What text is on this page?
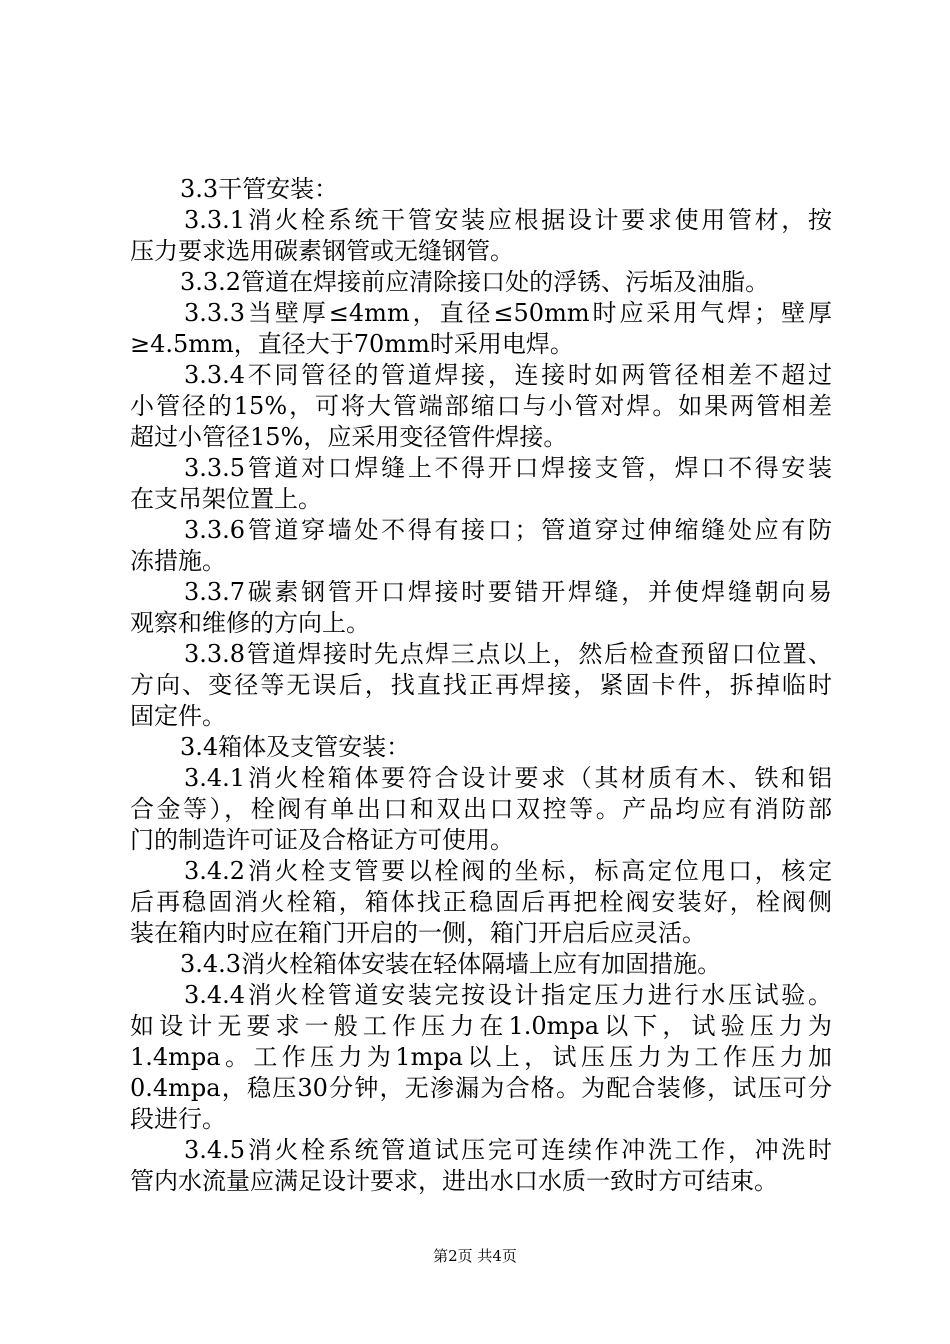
3.3干管安装：
3.3.1消火栓系统干管安装应根据设计要求使用管材，按
压力要求选用碳素钢管或无缝钢管。
3.3.2管道在焊接前应清除接口处的浮锈、污垢及油脂。
3.3.3当壁厚≤4mm，直径≤50mm时应采用气焊；壁厚
≥4.5mm，直径大于70mm时采用电焊。
3.3.4不同管径的管道焊接，连接时如两管径相差不超过
小管径的15%，可将大管端部缩口与小管对焊。如果两管相差
超过小管径15%，应采用变径管件焊接。
3.3.5管道对口焊缝上不得开口焊接支管，焊口不得安装
在支吊架位置上。
3.3.6管道穿墙处不得有接口；管道穿过伸缩缝处应有防
冻措施。
3.3.7碳素钢管开口焊接时要错开焊缝，并使焊缝朝向易
观察和维修的方向上。
3.3.8管道焊接时先点焊三点以上，然后检查预留口位置、
方向、变径等无误后，找直找正再焊接，紧固卡件，拆掉临时
固定件。
3.4箱体及支管安装：
3.4.1消火栓箱体要符合设计要求（其材质有木、铁和铝
合金等），栓阀有单出口和双出口双控等。产品均应有消防部
门的制造许可证及合格证方可使用。
3.4.2消火栓支管要以栓阀的坐标，标高定位甩口，核定
后再稳固消火栓箱，箱体找正稳固后再把栓阀安装好，栓阀侧
装在箱内时应在箱门开启的一侧，箱门开启后应灵活。
3.4.3消火栓箱体安装在轻体隔墙上应有加固措施。
3.4.4消火栓管道安装完按设计指定压力进行水压试验。
如设计无要求一般工作压力在1.0mpa以下，试验压力为
1.4mpa。工作压力为1mpa以上，试压压力为工作压力加
0.4mpa，稳压30分钟，无渗漏为合格。为配合装修，试压可分
段进行。
3.4.5消火栓系统管道试压完可连续作冲洗工作，冲洗时
管内水流量应满足设计要求，进出水口水质一致时方可结束。
第2页 共4页
